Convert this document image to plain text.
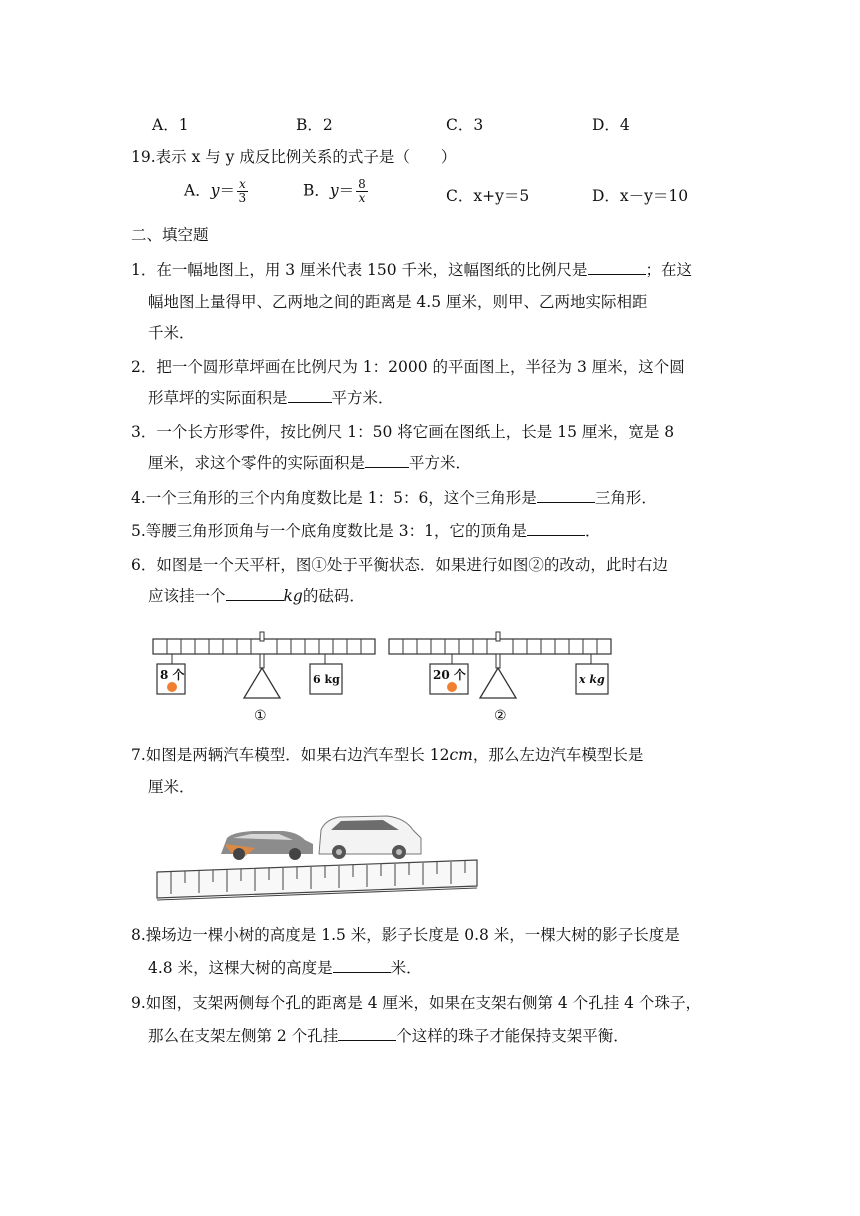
A．1	B．2	C．3	D．4
19.表示 x 与 y 成反比例关系的式子是（　　）
A．$y= \frac{x}{3}$	B．$y= \frac{8}{x}$	C．x+y＝5	D．x－y＝10
二、填空题
1．在一幅地图上，用 3 厘米代表 150 千米，这幅图纸的比例尺是	；在这
幅地图上量得甲、乙两地之间的距离是 4.5 厘米，则甲、乙两地实际相距
千米．
2．把一个圆形草坪画在比例尺为 1：2000 的平面图上，半径为 3 厘米，这个圆
形草坪的实际面积是	平方米．
3．一个长方形零件，按比例尺 1：50 将它画在图纸上，长是 15 厘米，宽是 8
厘米，求这个零件的实际面积是	平方米．
4.一个三角形的三个内角度数比是 1：5：6，这个三角形是	三角形．
5.等腰三角形顶角与一个底角度数比是 3：1，它的顶角是	．
6．如图是一个天平杆，图①处于平衡状态．如果进行如图②的改动，此时右边
应该挂一个	kg的砝码．
8 个	6 kg
①
20 个	x kg
②
7.如图是两辆汽车模型．如果右边汽车型长 12cm，那么左边汽车模型长是
厘米．
8.操场边一棵小树的高度是 1.5 米，影子长度是 0.8 米，一棵大树的影子长度是
4.8 米，这棵大树的高度是	米．
9.如图，支架两侧每个孔的距离是 4 厘米，如果在支架右侧第 4 个孔挂 4 个珠子，
那么在支架左侧第 2 个孔挂	个这样的珠子才能保持支架平衡．
